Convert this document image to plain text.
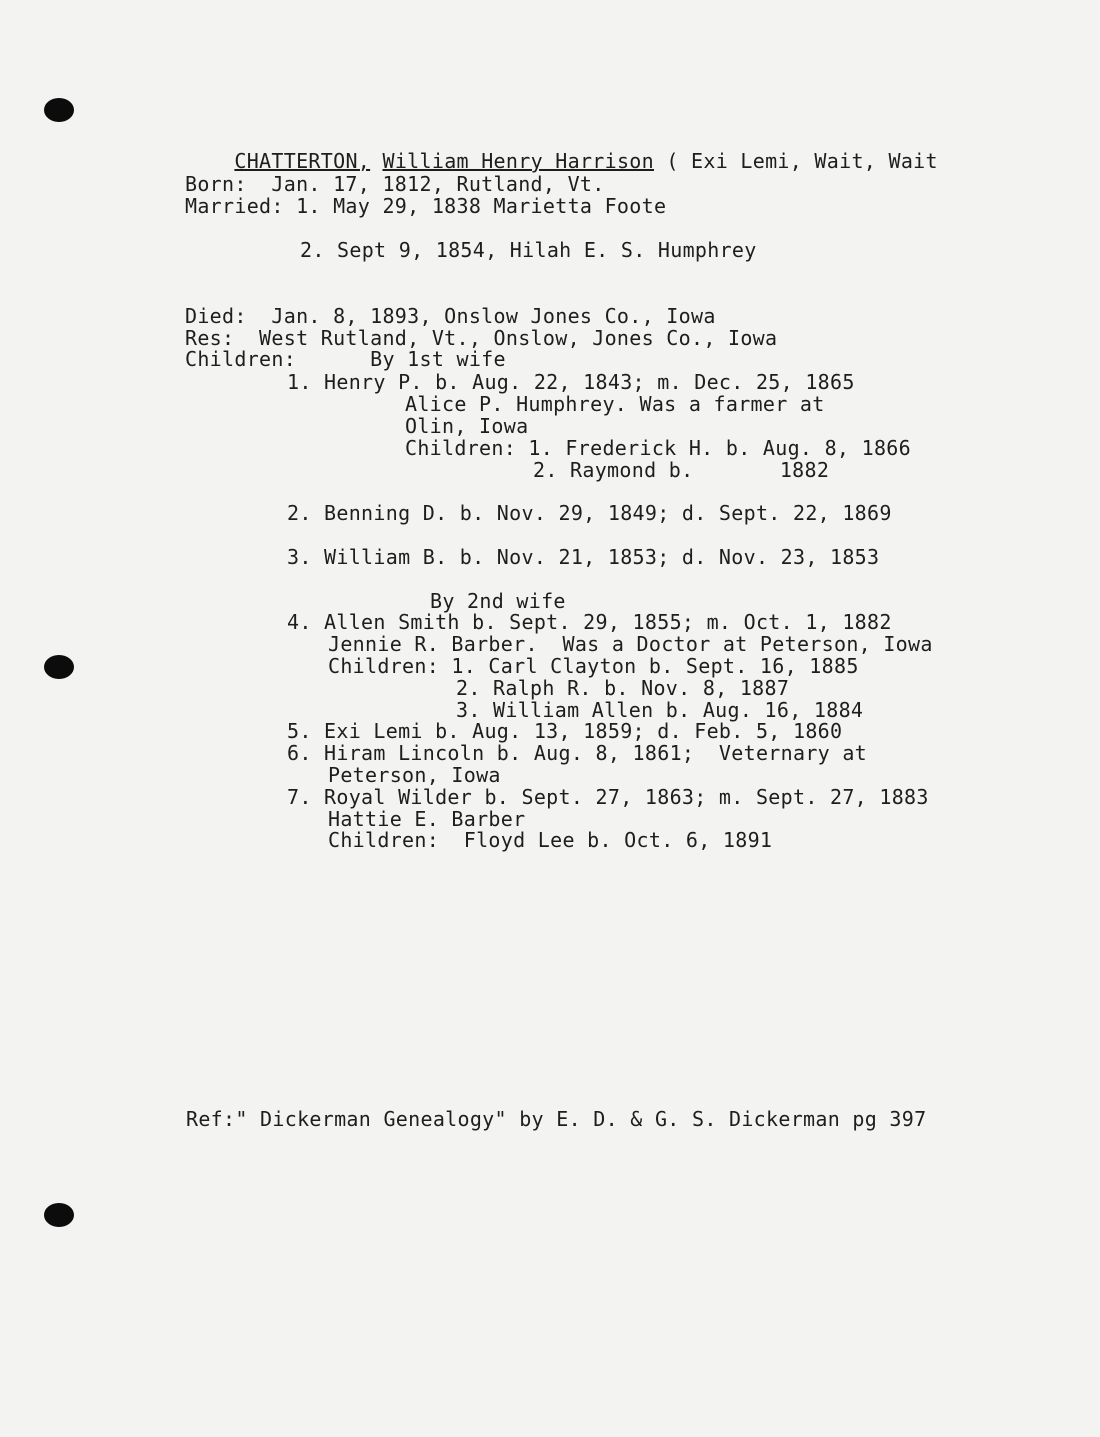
CHATTERTON, William Henry Harrison ( Exi Lemi, Wait, Wait

Born:  Jan. 17, 1812, Rutland, Vt.
Married: 1. May 29, 1838 Marietta Foote
2. Sept 9, 1854, Hilah E. S. Humphrey
Died:  Jan. 8, 1893, Onslow Jones Co., Iowa
Res:  West Rutland, Vt., Onslow, Jones Co., Iowa
Children:      By 1st wife
1. Henry P. b. Aug. 22, 1843; m. Dec. 25, 1865
Alice P. Humphrey. Was a farmer at
Olin, Iowa
Children: 1. Frederick H. b. Aug. 8, 1866
2. Raymond b.       1882
2. Benning D. b. Nov. 29, 1849; d. Sept. 22, 1869
3. William B. b. Nov. 21, 1853; d. Nov. 23, 1853
By 2nd wife
4. Allen Smith b. Sept. 29, 1855; m. Oct. 1, 1882
Jennie R. Barber.  Was a Doctor at Peterson, Iowa
Children: 1. Carl Clayton b. Sept. 16, 1885
2. Ralph R. b. Nov. 8, 1887
3. William Allen b. Aug. 16, 1884
5. Exi Lemi b. Aug. 13, 1859; d. Feb. 5, 1860
6. Hiram Lincoln b. Aug. 8, 1861;  Veternary at
Peterson, Iowa
7. Royal Wilder b. Sept. 27, 1863; m. Sept. 27, 1883
Hattie E. Barber
Children:  Floyd Lee b. Oct. 6, 1891
Ref:" Dickerman Genealogy" by E. D. & G. S. Dickerman pg 397
